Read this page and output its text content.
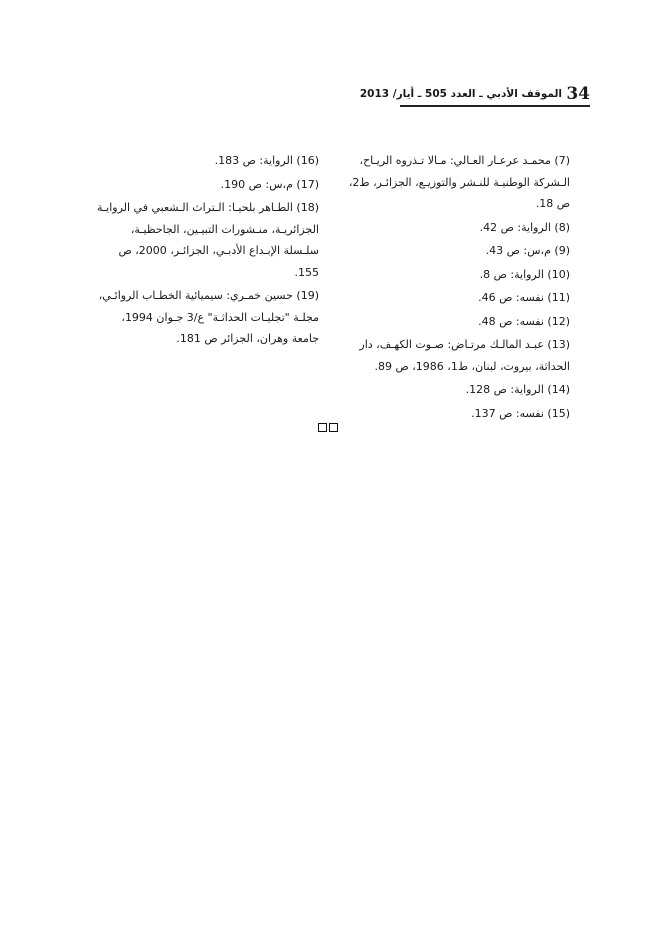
34
الموقف الأدبي ـ العدد 505 ـ أيار/ 2013
(7) محمـد عرعـار العـالي: مـالا تـذروه الريـاح، الـشركة الوطنيـة للنـشر والتوزيـع، الجزائـر، ط2، ص 18.
(8) الرواية: ص 42.
(9) م،س: ص 43.
(10) الرواية: ص 8.
(11) نفسه: ص 46.
(12) نفسه: ص 48.
(13) عبـد المالـك مرتـاض: صـوت الكهـف، دار الحداثة، بيروت، لبنان، ط1، 1986، ص 89.
(14) الرواية: ص 128.
(15) نفسه: ص 137.
(16) الرواية: ص 183.
(17) م،س: ص 190.
(18) الطـاهر بلحيـا: الـتراث الـشعبي في الروايـة الجزائريـة، منـشورات التبيـين، الجاحظيـة، سلـسلة الإبـداع الأدبـي، الجزائـر، 2000، ص 155.
(19) حسين خمـري: سيميائية الخطـاب الروائـي، مجلـة "تجليـات الحداثـة" ع/3 جـوان 1994، جامعة وهران، الجزائر ص 181.
